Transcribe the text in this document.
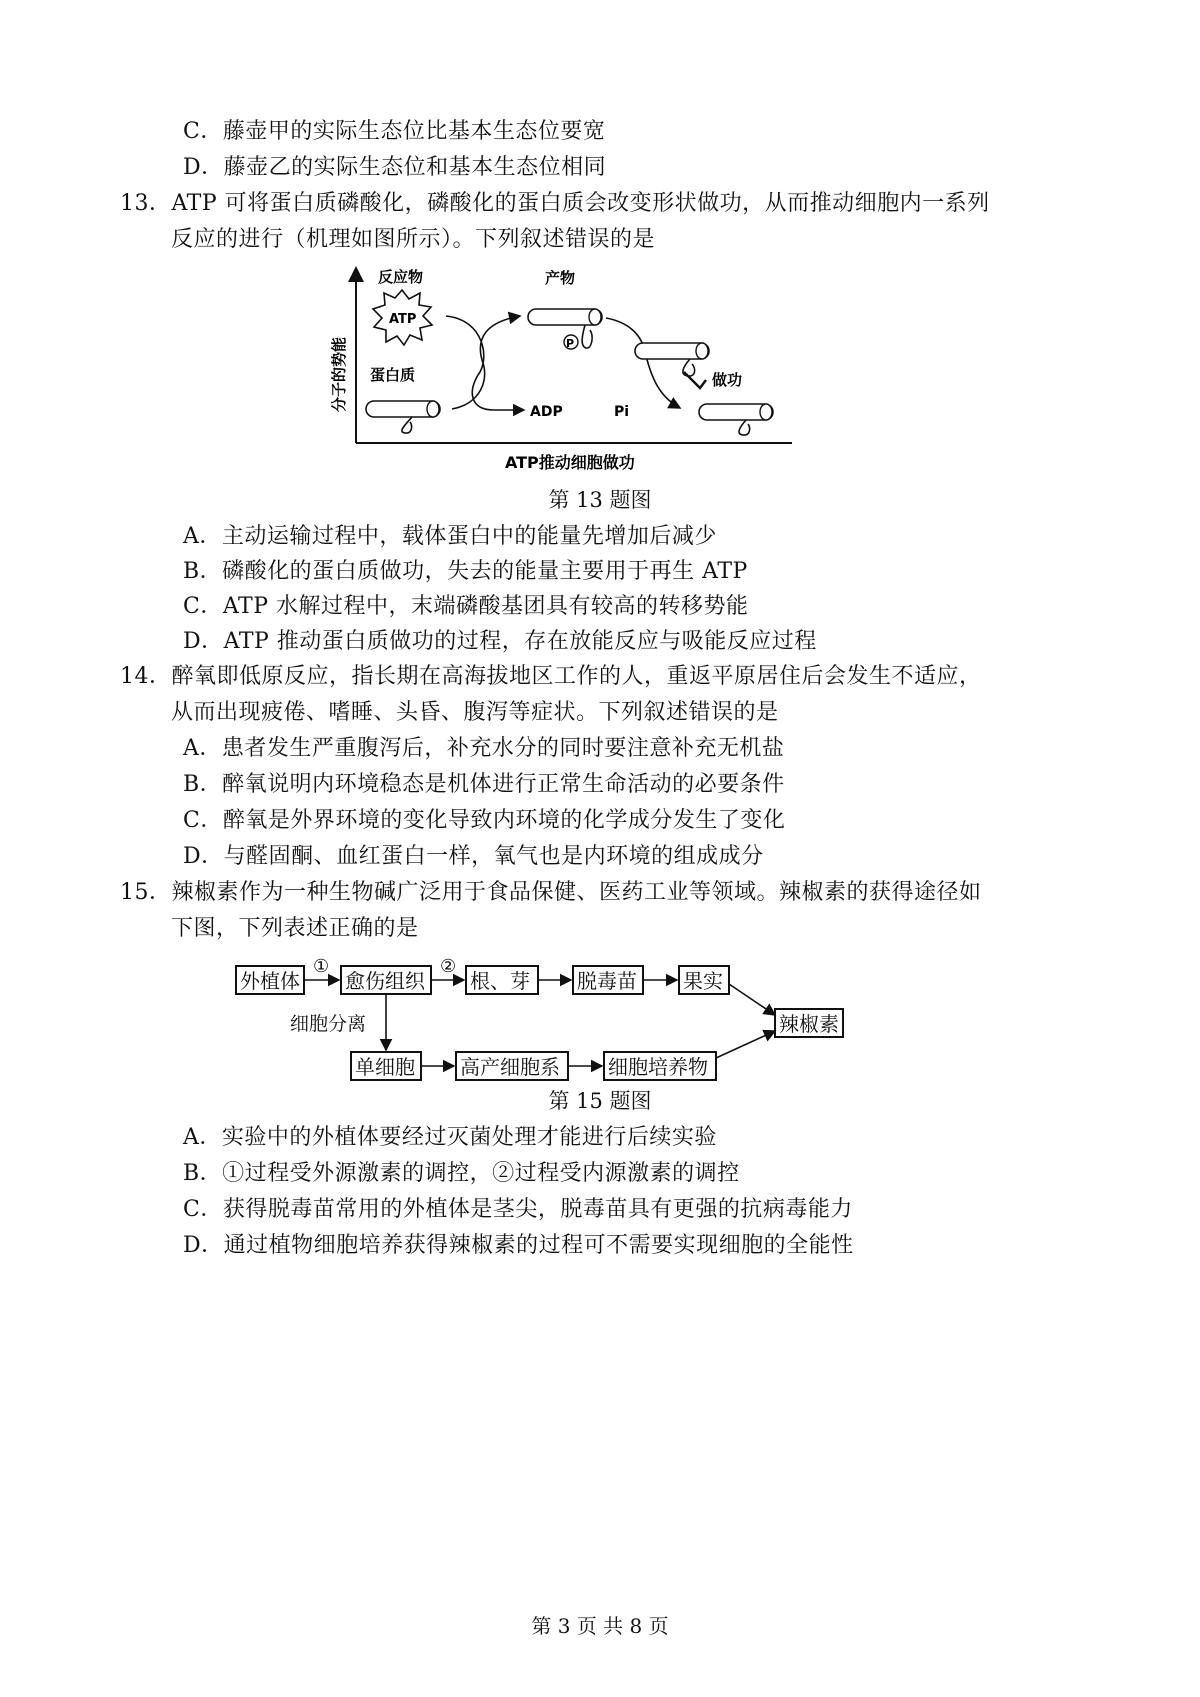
C．藤壶甲的实际生态位比基本生态位要宽
D．藤壶乙的实际生态位和基本生态位相同
13．ATP 可将蛋白质磷酸化，磷酸化的蛋白质会改变形状做功，从而推动细胞内一系列
反应的进行（机理如图所示）。下列叙述错误的是
分子的势能
ATP推动细胞做功
反应物
ATP
蛋白质
产物
P
ADP
做功
Pi
第 13 题图
A．主动运输过程中，载体蛋白中的能量先增加后减少
B．磷酸化的蛋白质做功，失去的能量主要用于再生 ATP
C．ATP 水解过程中，末端磷酸基团具有较高的转移势能
D．ATP 推动蛋白质做功的过程，存在放能反应与吸能反应过程
14．醉氧即低原反应，指长期在高海拔地区工作的人，重返平原居住后会发生不适应，
从而出现疲倦、嗜睡、头昏、腹泻等症状。下列叙述错误的是
A．患者发生严重腹泻后，补充水分的同时要注意补充无机盐
B．醉氧说明内环境稳态是机体进行正常生命活动的必要条件
C．醉氧是外界环境的变化导致内环境的化学成分发生了变化
D．与醛固酮、血红蛋白一样，氧气也是内环境的组成成分
15．辣椒素作为一种生物碱广泛用于食品保健、医药工业等领域。辣椒素的获得途径如
下图，下列表述正确的是
外植体
①
愈伤组织
②
根、芽 脱毒苗 果实
辣椒素
细胞分离
单细胞 高产细胞系 细胞培养物
第 15 题图
A．实验中的外植体要经过灭菌处理才能进行后续实验
B．①过程受外源激素的调控，②过程受内源激素的调控
C．获得脱毒苗常用的外植体是茎尖，脱毒苗具有更强的抗病毒能力
D．通过植物细胞培养获得辣椒素的过程可不需要实现细胞的全能性
第 3 页 共 8 页
